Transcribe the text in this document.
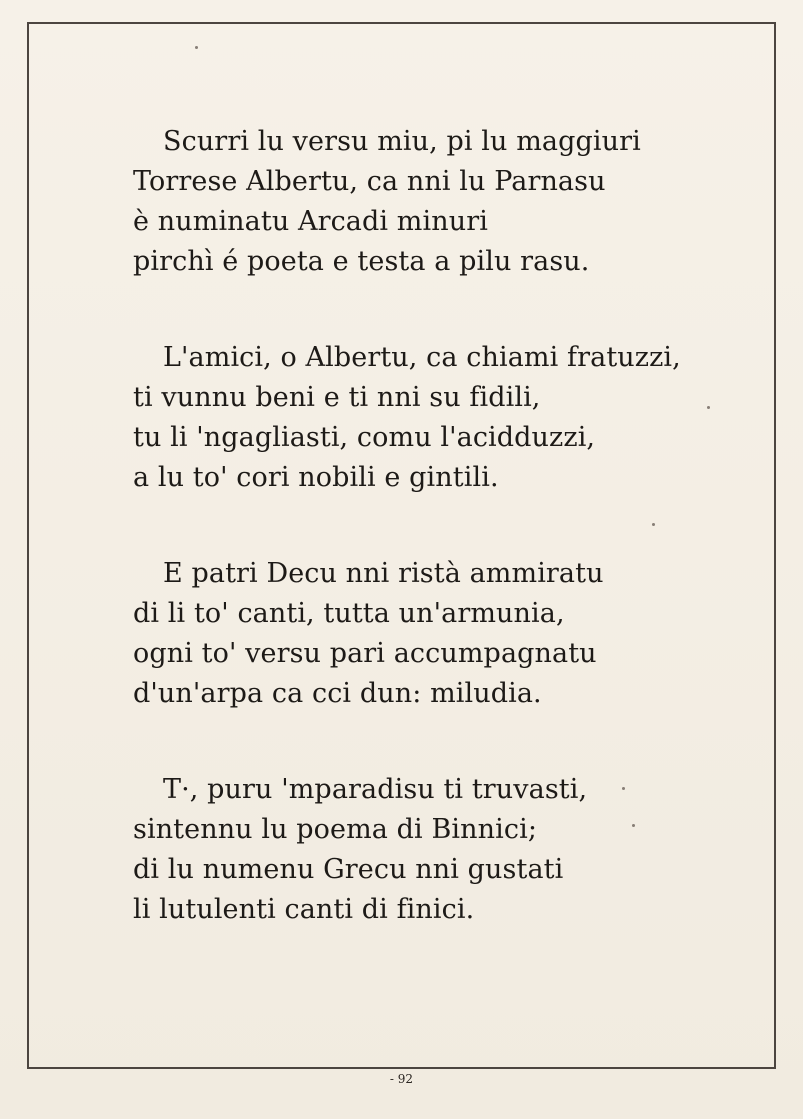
Scurri lu versu miu, pi lu maggiuri
Torrese Albertu, ca nni lu Parnasu
è numinatu Arcadi minuri
pirchì é poeta e testa a pilu rasu.
L'amici, o Albertu, ca chiami fratuzzi,
ti vunnu beni e ti nni su fidili,
tu li 'ngagliasti, comu l'acidduzzi,
a lu to' cori nobili e gintili.
E patri Decu nni ristà ammiratu
di li to' canti, tutta un'armunia,
ogni to' versu pari accumpagnatu
d'un'arpa ca cci dun: miludia.
T·, puru 'mparadisu ti truvasti,
sintennu lu poema di Binnici;
di lu numenu Grecu nni gustati
li lutulenti canti di finici.
- 92
